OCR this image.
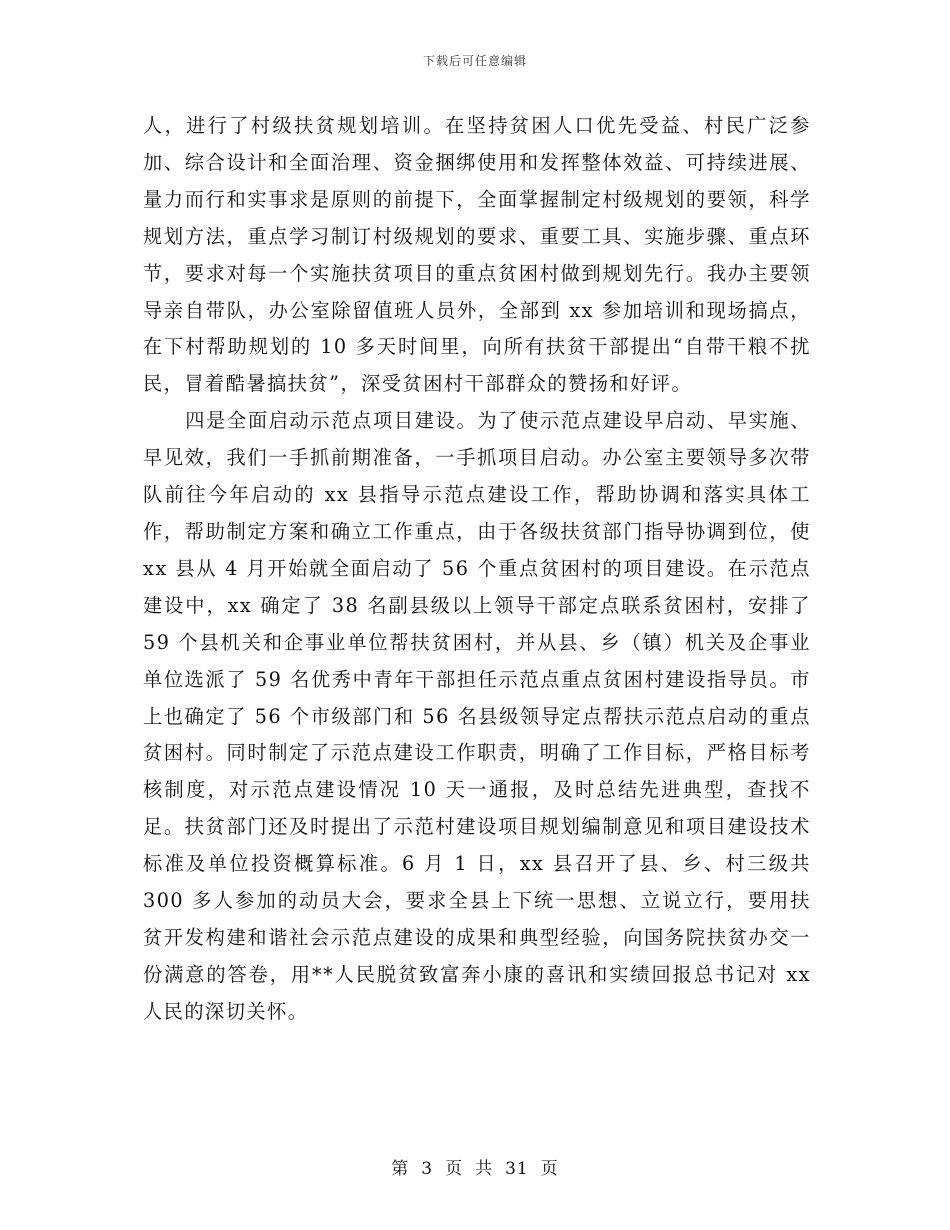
下载后可任意编辑

人，进行了村级扶贫规划培训。在坚持贫困人口优先受益、村民广泛参加、综合设计和全面治理、资金捆绑使用和发挥整体效益、可持续进展、量力而行和实事求是原则的前提下，全面掌握制定村级规划的要领，科学规划方法，重点学习制订村级规划的要求、重要工具、实施步骤、重点环节，要求对每一个实施扶贫项目的重点贫困村做到规划先行。我办主要领导亲自带队，办公室除留值班人员外，全部到 xx 参加培训和现场搞点，在下村帮助规划的 10 多天时间里，向所有扶贫干部提出“自带干粮不扰民，冒着酷暑搞扶贫”，深受贫困村干部群众的赞扬和好评。

四是全面启动示范点项目建设。为了使示范点建设早启动、早实施、早见效，我们一手抓前期准备，一手抓项目启动。办公室主要领导多次带队前往今年启动的 xx 县指导示范点建设工作，帮助协调和落实具体工作，帮助制定方案和确立工作重点，由于各级扶贫部门指导协调到位，使 xx 县从 4 月开始就全面启动了 56 个重点贫困村的项目建设。在示范点建设中，xx 确定了 38 名副县级以上领导干部定点联系贫困村，安排了 59 个县机关和企事业单位帮扶贫困村，并从县、乡（镇）机关及企事业单位选派了 59 名优秀中青年干部担任示范点重点贫困村建设指导员。市上也确定了 56 个市级部门和 56 名县级领导定点帮扶示范点启动的重点贫困村。同时制定了示范点建设工作职责，明确了工作目标，严格目标考核制度，对示范点建设情况 10 天一通报，及时总结先进典型，查找不足。扶贫部门还及时提出了示范村建设项目规划编制意见和项目建设技术标准及单位投资概算标准。6 月 1 日，xx 县召开了县、乡、村三级共 300 多人参加的动员大会，要求全县上下统一思想、立说立行，要用扶贫开发构建和谐社会示范点建设的成果和典型经验，向国务院扶贫办交一份满意的答卷，用**人民脱贫致富奔小康的喜讯和实绩回报总书记对 xx 人民的深切关怀。

第 3 页 共 31 页
